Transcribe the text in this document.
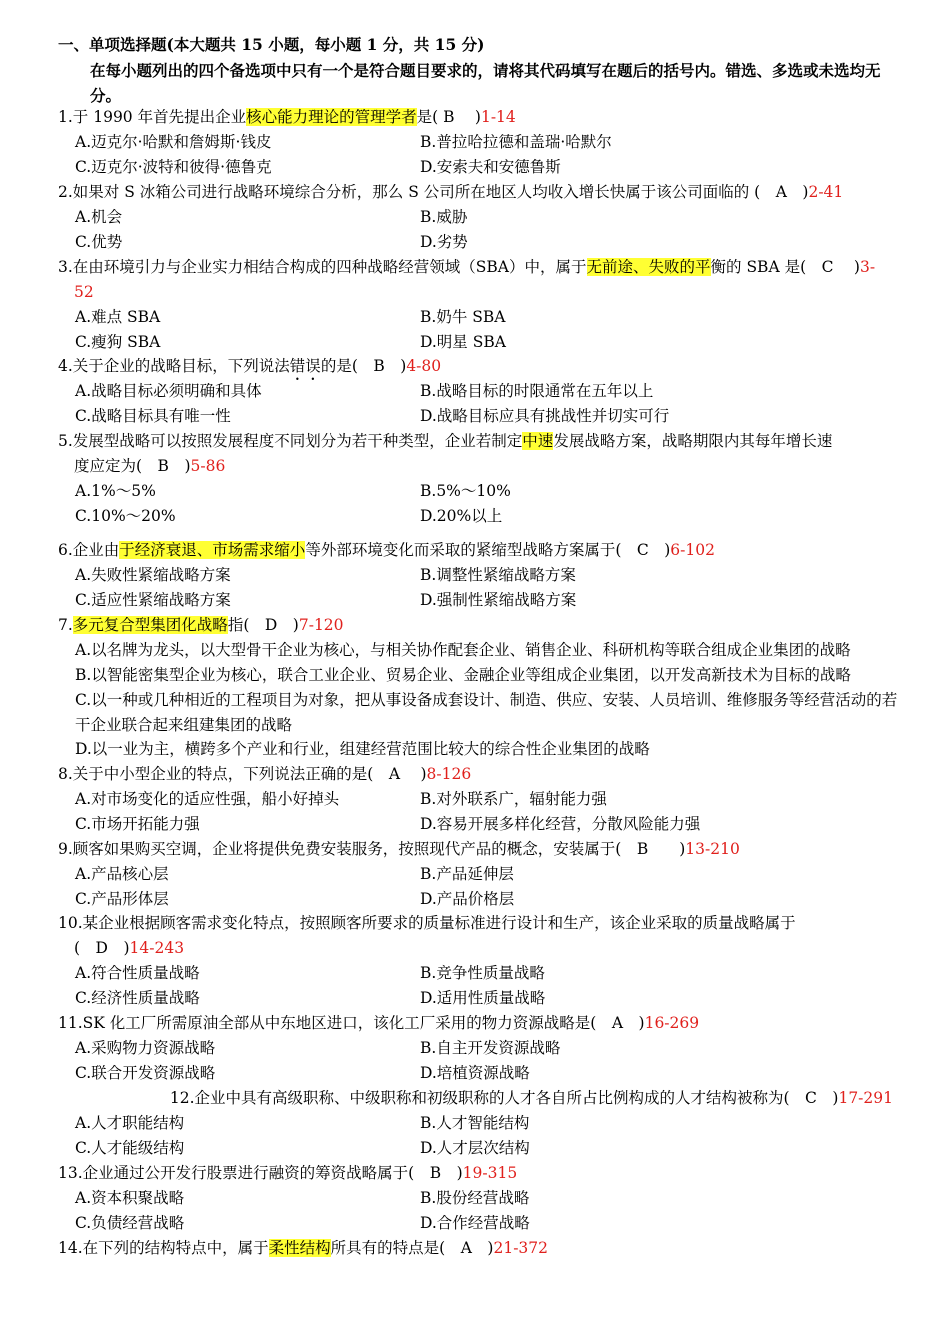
一、单项选择题(本大题共 15 小题，每小题 1 分，共 15 分)
在每小题列出的四个备选项中只有一个是符合题目要求的，请将其代码填写在题后的括号内。错选、多选或未选均无分。
1.于 1990 年首先提出企业核心能力理论的管理学者是( B　 )1-14
A.迈克尔·哈默和詹姆斯·钱皮	B.普拉哈拉德和盖瑞·哈默尔
C.迈克尔·波特和彼得·德鲁克	D.安索夫和安德鲁斯
2.如果对 S 冰箱公司进行战略环境综合分析，那么 S 公司所在地区人均收入增长快属于该公司面临的 (　A　)2-41
A.机会	B.威胁
C.优势	D.劣势
3.在由环境引力与企业实力相结合构成的四种战略经营领域（SBA）中，属于无前途、失败的平衡的 SBA 是(　C　 )3-
52
A.难点 SBA	B.奶牛 SBA
C.瘦狗 SBA	D.明星 SBA
4.关于企业的战略目标，下列说法错误的是(　B　)4-80
A.战略目标必须明确和具体	B.战略目标的时限通常在五年以上
C.战略目标具有唯一性	D.战略目标应具有挑战性并切实可行
5.发展型战略可以按照发展程度不同划分为若干种类型，企业若制定中速发展战略方案，战略期限内其每年增长速
度应定为(　B　)5-86
A.1%～5%	B.5%～10%
C.10%～20%	D.20%以上
6.企业由于经济衰退、市场需求缩小等外部环境变化而采取的紧缩型战略方案属于(　C　)6-102
A.失败性紧缩战略方案	B.调整性紧缩战略方案
C.适应性紧缩战略方案	D.强制性紧缩战略方案
7.多元复合型集团化战略指(　D　)7-120
A.以名牌为龙头，以大型骨干企业为核心，与相关协作配套企业、销售企业、科研机构等联合组成企业集团的战略
B.以智能密集型企业为核心，联合工业企业、贸易企业、金融企业等组成企业集团，以开发高新技术为目标的战略
C.以一种或几种相近的工程项目为对象，把从事设备成套设计、制造、供应、安装、人员培训、维修服务等经营活动的若干企业联合起来组建集团的战略
D.以一业为主，横跨多个产业和行业，组建经营范围比较大的综合性企业集团的战略
8.关于中小型企业的特点，下列说法正确的是(　A　 )8-126
A.对市场变化的适应性强，船小好掉头	B.对外联系广，辐射能力强
C.市场开拓能力强	D.容易开展多样化经营，分散风险能力强
9.顾客如果购买空调，企业将提供免费安装服务，按照现代产品的概念，安装属于(　B　　)13-210
A.产品核心层	B.产品延伸层
C.产品形体层	D.产品价格层
10.某企业根据顾客需求变化特点，按照顾客所要求的质量标准进行设计和生产，该企业采取的质量战略属于
(　D　)14-243
A.符合性质量战略	B.竞争性质量战略
C.经济性质量战略	D.适用性质量战略
11.SK 化工厂所需原油全部从中东地区进口，该化工厂采用的物力资源战略是(　A　)16-269
A.采购物力资源战略	B.自主开发资源战略
C.联合开发资源战略	D.培植资源战略
12.企业中具有高级职称、中级职称和初级职称的人才各自所占比例构成的人才结构被称为(　C　)17-291
A.人才职能结构	B.人才智能结构
C.人才能级结构	D.人才层次结构
13.企业通过公开发行股票进行融资的筹资战略属于(　B　)19-315
A.资本积聚战略	B.股份经营战略
C.负债经营战略	D.合作经营战略
14.在下列的结构特点中，属于柔性结构所具有的特点是(　A　)21-372
